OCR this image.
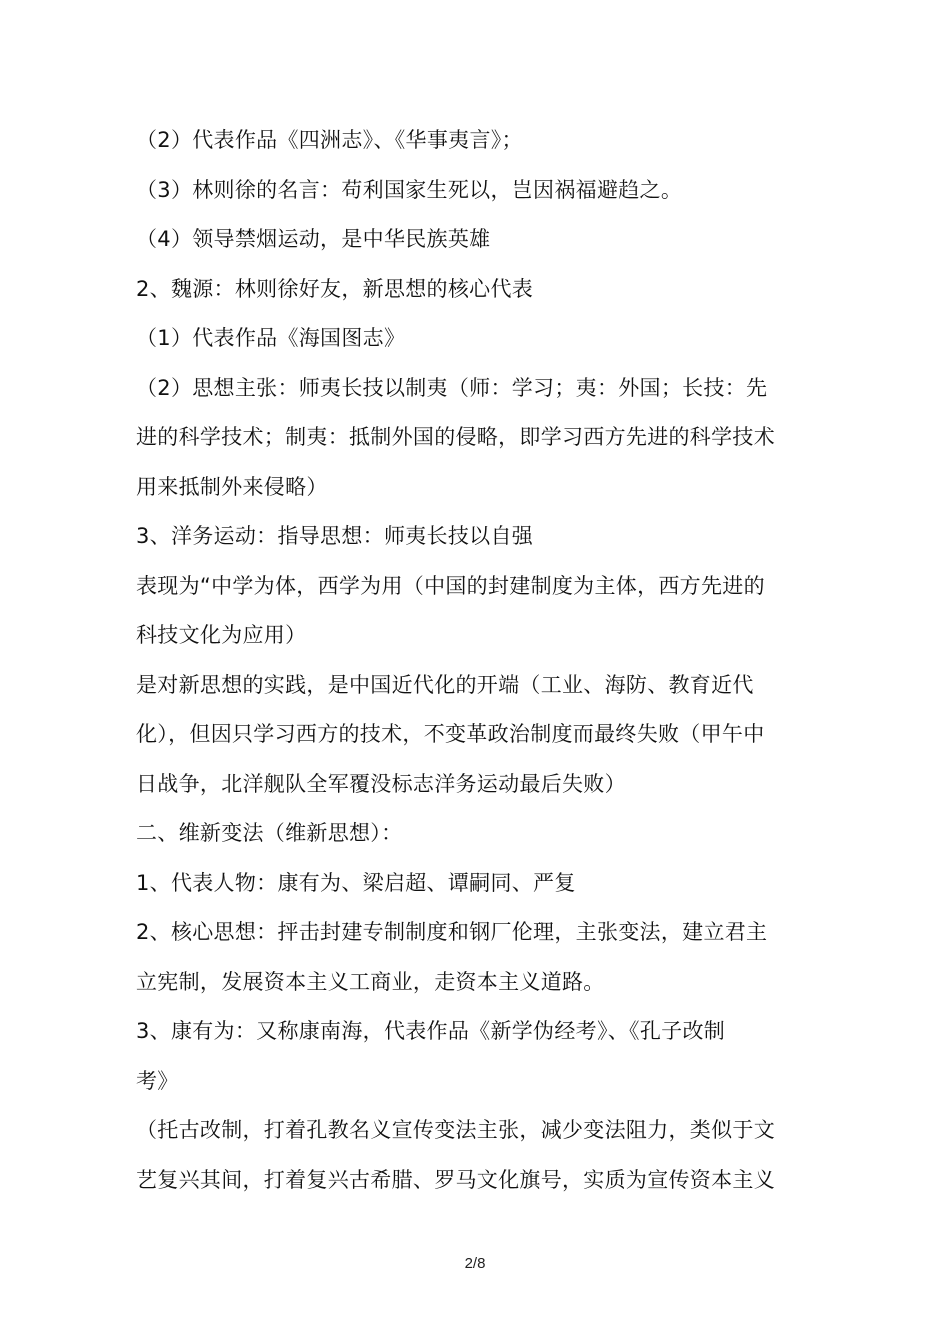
（2）代表作品《四洲志》、《华事夷言》；
（3）林则徐的名言：苟利国家生死以，岂因祸福避趋之。
（4）领导禁烟运动，是中华民族英雄
2、魏源：林则徐好友，新思想的核心代表
（1）代表作品《海国图志》
（2）思想主张：师夷长技以制夷（师：学习；夷：外国；长技：先
进的科学技术；制夷：抵制外国的侵略，即学习西方先进的科学技术
用来抵制外来侵略）
3、洋务运动：指导思想：师夷长技以自强
表现为“中学为体，西学为用（中国的封建制度为主体，西方先进的
科技文化为应用）
是对新思想的实践，是中国近代化的开端（工业、海防、教育近代
化），但因只学习西方的技术，不变革政治制度而最终失败（甲午中
日战争，北洋舰队全军覆没标志洋务运动最后失败）
二、维新变法（维新思想）：
1、代表人物：康有为、梁启超、谭嗣同、严复
2、核心思想：抨击封建专制制度和钢厂伦理，主张变法，建立君主
立宪制，发展资本主义工商业，走资本主义道路。
3、康有为：又称康南海，代表作品《新学伪经考》、《孔子改制
考》
（托古改制，打着孔教名义宣传变法主张，减少变法阻力，类似于文
艺复兴其间，打着复兴古希腊、罗马文化旗号，实质为宣传资本主义
2/8
